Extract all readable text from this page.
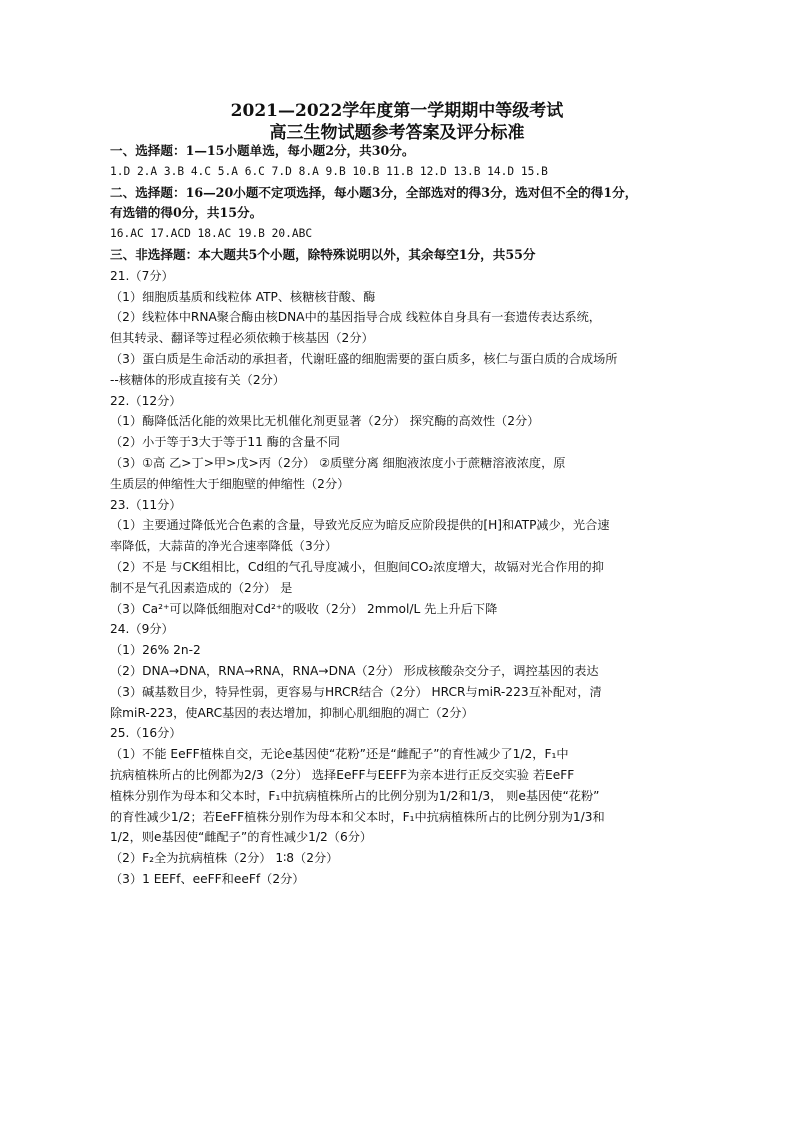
2021—2022学年度第一学期期中等级考试
高三生物试题参考答案及评分标准
一、选择题：1—15小题单选，每小题2分，共30分。
1.D 2.A 3.B 4.C 5.A 6.C 7.D 8.A 9.B 10.B 11.B 12.D 13.B 14.D 15.B
二、选择题：16—20小题不定项选择，每小题3分，全部选对的得3分，选对但不全的得1分，
有选错的得0分，共15分。
16.AC 17.ACD 18.AC 19.B 20.ABC
三、非选择题：本大题共5个小题，除特殊说明以外，其余每空1分，共55分
21.（7分）
（1）细胞质基质和线粒体 ATP、核糖核苷酸、酶
（2）线粒体中RNA聚合酶由核DNA中的基因指导合成 线粒体自身具有一套遗传表达系统，
但其转录、翻译等过程必须依赖于核基因（2分）
（3）蛋白质是生命活动的承担者，代谢旺盛的细胞需要的蛋白质多，核仁与蛋白质的合成场所
--核糖体的形成直接有关（2分）
22.（12分）
（1）酶降低活化能的效果比无机催化剂更显著（2分） 探究酶的高效性（2分）
（2）小于等于3大于等于11 酶的含量不同
（3）①高 乙>丁>甲>戊>丙（2分） ②质壁分离 细胞液浓度小于蔗糖溶液浓度，原
生质层的伸缩性大于细胞壁的伸缩性（2分）
23.（11分）
（1）主要通过降低光合色素的含量，导致光反应为暗反应阶段提供的[H]和ATP减少，光合速
率降低，大蒜苗的净光合速率降低（3分）
（2）不是 与CK组相比，Cd组的气孔导度减小，但胞间CO₂浓度增大，故镉对光合作用的抑
制不是气孔因素造成的（2分） 是
（3）Ca²⁺可以降低细胞对Cd²⁺的吸收（2分） 2mmol/L 先上升后下降
24.（9分）
（1）26% 2n-2
（2）DNA→DNA，RNA→RNA，RNA→DNA（2分） 形成核酸杂交分子，调控基因的表达
（3）碱基数目少，特异性弱，更容易与HRCR结合（2分） HRCR与miR-223互补配对，清
除miR-223，使ARC基因的表达增加，抑制心肌细胞的凋亡（2分）
25.（16分）
（1）不能 EeFF植株自交，无论e基因使“花粉”还是“雌配子”的育性减少了1/2，F₁中
抗病植株所占的比例都为2/3（2分） 选择EeFF与EEFF为亲本进行正反交实验 若EeFF
植株分别作为母本和父本时，F₁中抗病植株所占的比例分别为1/2和1/3， 则e基因使“花粉”
的育性减少1/2；若EeFF植株分别作为母本和父本时，F₁中抗病植株所占的比例分别为1/3和
1/2，则e基因使“雌配子”的育性减少1/2（6分）
（2）F₂全为抗病植株（2分） 1∶8（2分）
（3）1 EEFf、eeFF和eeFf（2分）
